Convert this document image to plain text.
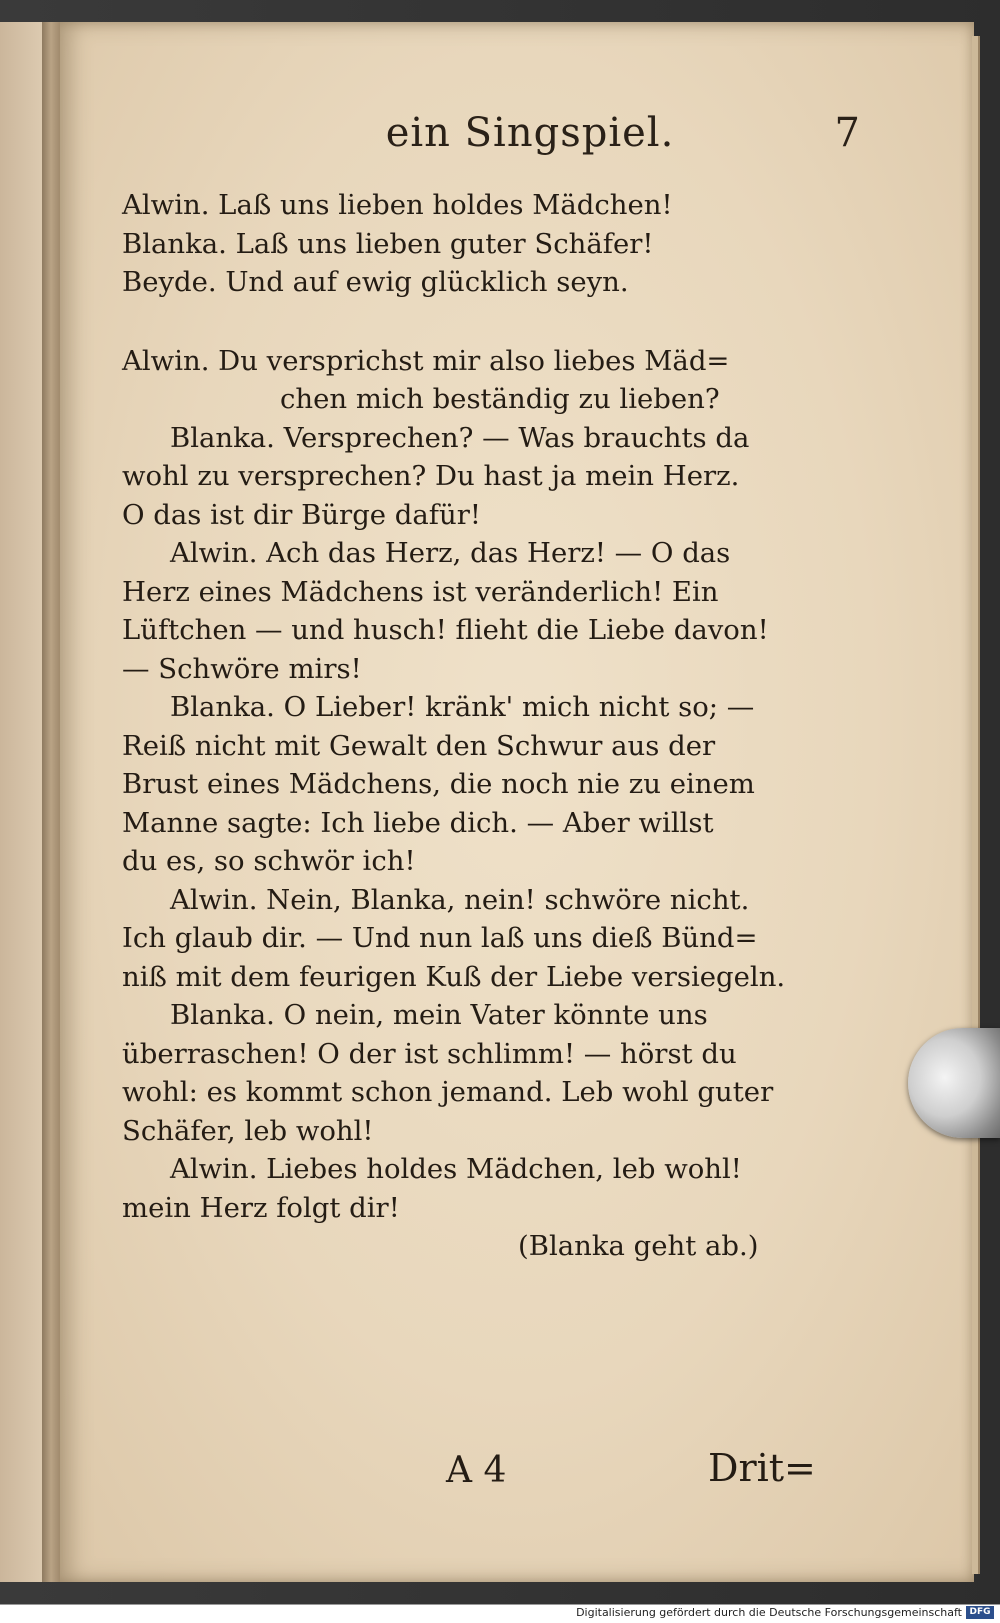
ein Singspiel.	7
Alwin. Laß uns lieben holdes Mädchen!
Blanka. Laß uns lieben guter Schäfer!
Beyde. Und auf ewig glücklich seyn.
Alwin. Du versprichst mir also liebes Mäd=
chen mich beständig zu lieben?
Blanka. Versprechen? — Was brauchts da
wohl zu versprechen? Du hast ja mein Herz.
O das ist dir Bürge dafür!
Alwin. Ach das Herz, das Herz! — O das
Herz eines Mädchens ist veränderlich! Ein
Lüftchen — und husch! flieht die Liebe davon!
— Schwöre mirs!
Blanka. O Lieber! kränk' mich nicht so; —
Reiß nicht mit Gewalt den Schwur aus der
Brust eines Mädchens, die noch nie zu einem
Manne sagte: Ich liebe dich. — Aber willst
du es, so schwör ich!
Alwin. Nein, Blanka, nein! schwöre nicht.
Ich glaub dir. — Und nun laß uns dieß Bünd=
niß mit dem feurigen Kuß der Liebe versiegeln.
Blanka. O nein, mein Vater könnte uns
überraschen! O der ist schlimm! — hörst du
wohl: es kommt schon jemand. Leb wohl guter
Schäfer, leb wohl!
Alwin. Liebes holdes Mädchen, leb wohl!
mein Herz folgt dir!
(Blanka geht ab.)
A 4	Drit=
Digitalisierung gefördert durch die Deutsche Forschungsgemeinschaft DFG
